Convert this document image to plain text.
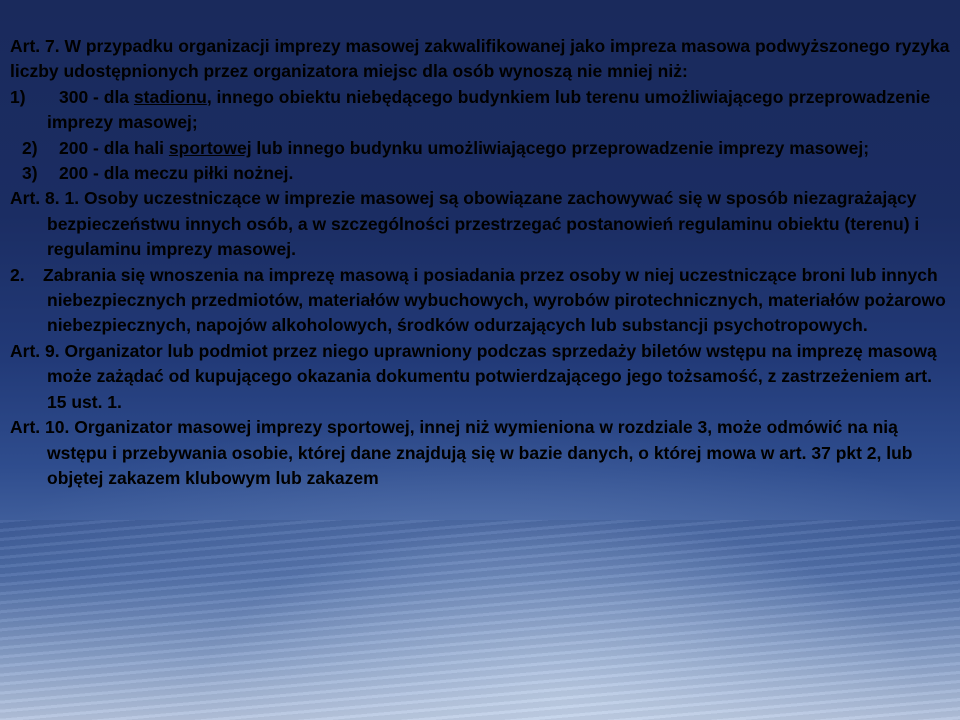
Art. 7. W przypadku organizacji imprezy masowej zakwalifikowanej jako impreza masowa podwyższonego ryzyka liczby udostępnionych przez organizatora miejsc dla osób wynoszą nie mniej niż:

1) 300 - dla stadionu, innego obiektu niebędącego budynkiem lub terenu umożliwiającego przeprowadzenie imprezy masowej;

2) 200 - dla hali sportowej lub innego budynku umożliwiającego przeprowadzenie imprezy masowej;

3) 200 - dla meczu piłki nożnej.

Art. 8. 1. Osoby uczestniczące w imprezie masowej są obowiązane zachowywać się w sposób niezagrażający bezpieczeństwu innych osób, a w szczególności przestrzegać postanowień regulaminu obiektu (terenu) i regulaminu imprezy masowej.

2. Zabrania się wnoszenia na imprezę masową i posiadania przez osoby w niej uczestniczące broni lub innych niebezpiecznych przedmiotów, materiałów wybuchowych, wyrobów pirotechnicznych, materiałów pożarowo niebezpiecznych, napojów alkoholowych, środków odurzających lub substancji psychotropowych.

Art. 9. Organizator lub podmiot przez niego uprawniony podczas sprzedaży biletów wstępu na imprezę masową może zażądać od kupującego okazania dokumentu potwierdzającego jego tożsamość, z zastrzeżeniem art. 15 ust. 1.

Art. 10. Organizator masowej imprezy sportowej, innej niż wymieniona w rozdziale 3, może odmówić na nią wstępu i przebywania osobie, której dane znajdują się w bazie danych, o której mowa w art. 37 pkt 2, lub objętej zakazem klubowym lub zakazem
